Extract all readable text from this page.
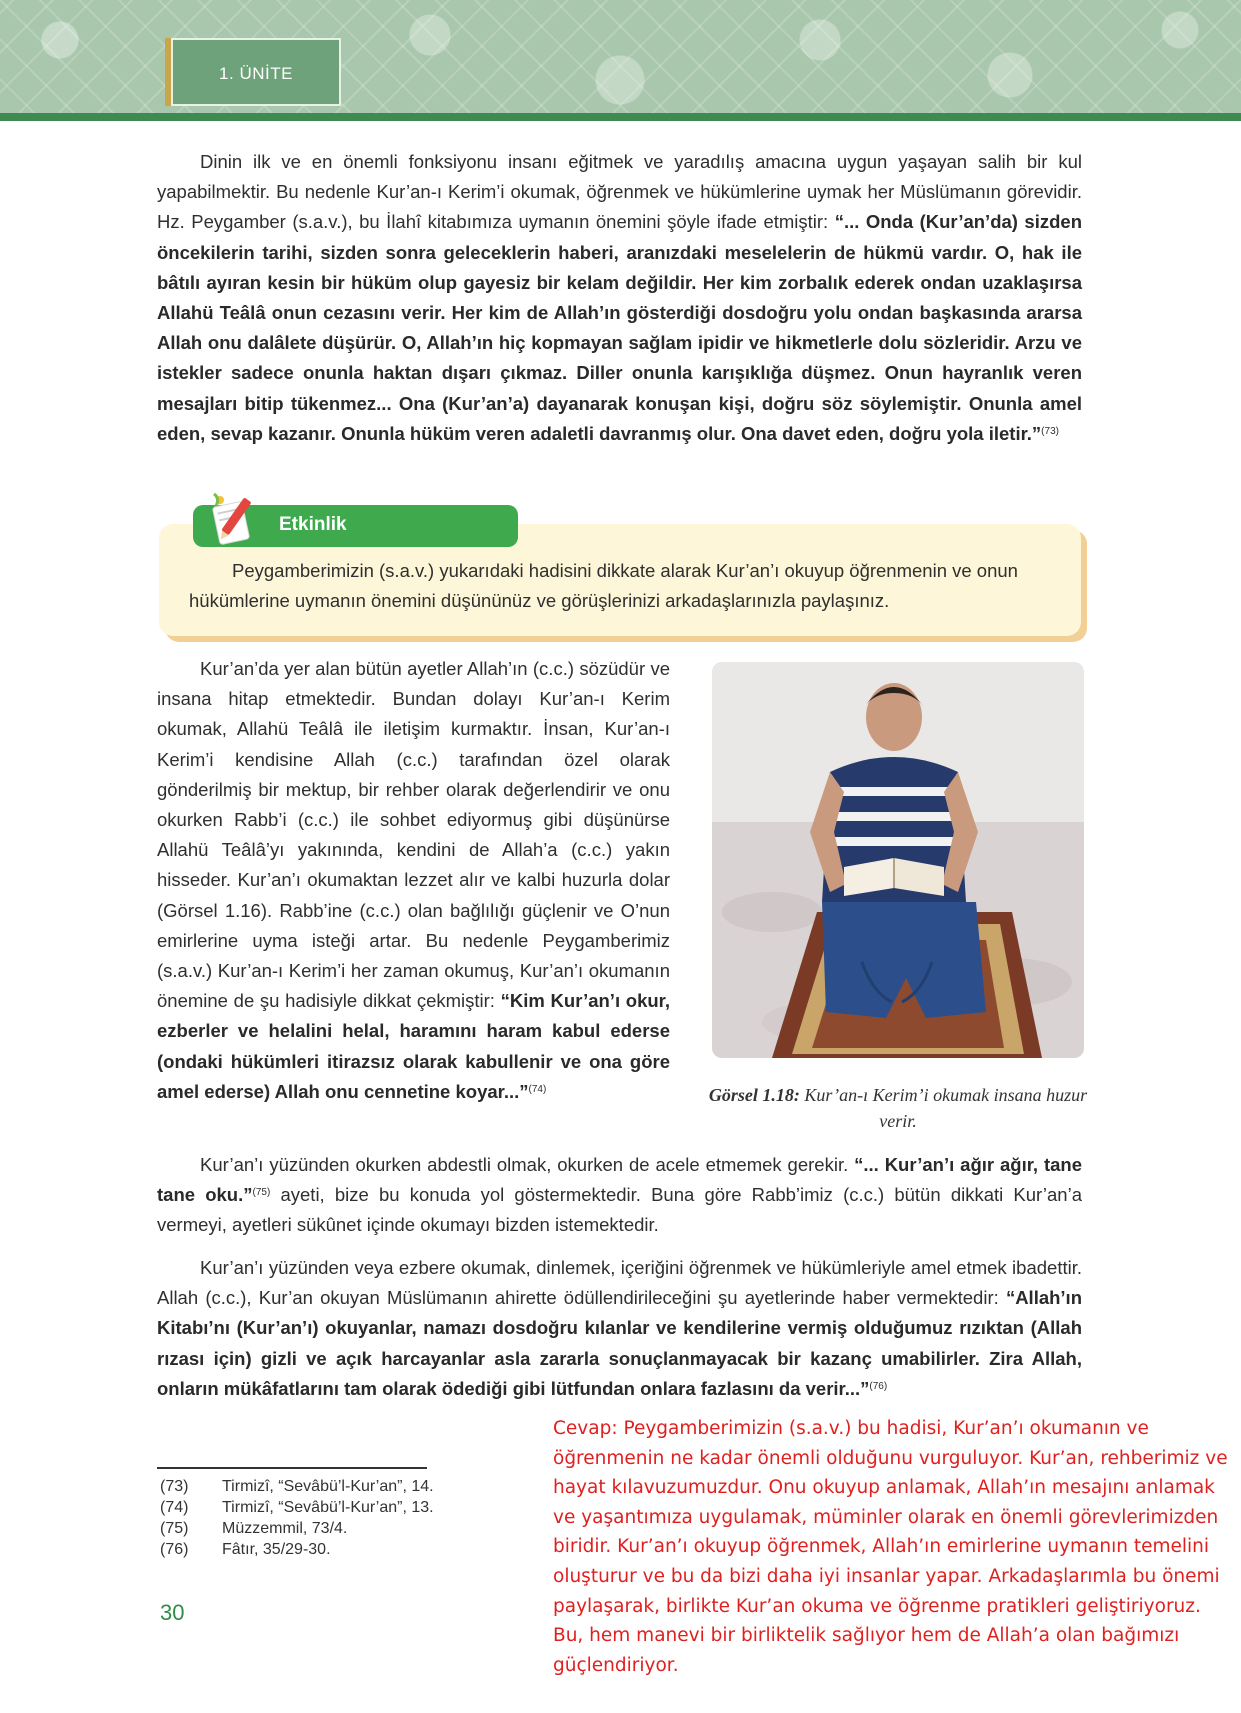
1. ÜNİTE

Dinin ilk ve en önemli fonksiyonu insanı eğitmek ve yaradılış amacına uygun yaşayan salih bir kul yapabilmektir. Bu nedenle Kur’an-ı Kerim’i okumak, öğrenmek ve hükümlerine uymak her Müslümanın görevidir. Hz. Peygamber (s.a.v.), bu İlahî kitabımıza uymanın önemini şöyle ifade etmiştir: “... Onda (Kur’an’da) sizden öncekilerin tarihi, sizden sonra geleceklerin haberi, aranızdaki meselelerin de hükmü vardır. O, hak ile bâtılı ayıran kesin bir hüküm olup gayesiz bir kelam değildir. Her kim zorbalık ederek ondan uzaklaşırsa Allahü Teâlâ onun cezasını verir. Her kim de Allah’ın gösterdiği dosdoğru yolu ondan başkasında ararsa Allah onu dalâlete düşürür. O, Allah’ın hiç kopmayan sağlam ipidir ve hikmetlerle dolu sözleridir. Arzu ve istekler sadece onunla haktan dışarı çıkmaz. Diller onunla karışıklığa düşmez. Onun hayranlık veren mesajları bitip tükenmez... Ona (Kur’an’a) dayanarak konuşan kişi, doğru söz söylemiştir. Onunla amel eden, sevap kazanır. Onunla hüküm veren adaletli davranmış olur. Ona davet eden, doğru yola iletir.”$^{(73)}$

Etkinlik

Peygamberimizin (s.a.v.) yukarıdaki hadisini dikkate alarak Kur’an’ı okuyup öğrenmenin ve onun hükümlerine uymanın önemini düşününüz ve görüşlerinizi arkadaşlarınızla paylaşınız.

Kur’an’da yer alan bütün ayetler Allah’ın (c.c.) sözüdür ve insana hitap etmektedir. Bundan dolayı Kur’an-ı Kerim okumak, Allahü Teâlâ ile iletişim kurmaktır. İnsan, Kur’an-ı Kerim’i kendisine Allah (c.c.) tarafından özel olarak gönderilmiş bir mektup, bir rehber olarak değerlendirir ve onu okurken Rabb’i (c.c.) ile sohbet ediyormuş gibi düşünürse Allahü Teâlâ’yı yakınında, kendini de Allah’a (c.c.) yakın hisseder. Kur’an’ı okumaktan lezzet alır ve kalbi huzurla dolar (Görsel 1.16). Rabb’ine (c.c.) olan bağlılığı güçlenir ve O’nun emirlerine uyma isteği artar. Bu nedenle Peygamberimiz (s.a.v.) Kur’an-ı Kerim’i her zaman okumuş, Kur’an’ı okumanın önemine de şu hadisiyle dikkat çekmiştir: “Kim Kur’an’ı okur, ezberler ve helalini helal, haramını haram kabul ederse (ondaki hükümleri itirazsız olarak kabullenir ve ona göre amel ederse) Allah onu cennetine koyar...”$^{(74)}$	Görsel 1.18: Kur’an-ı Kerim’i okumak insana huzur verir.

Kur’an’ı yüzünden okurken abdestli olmak, okurken de acele etmemek gerekir. “... Kur’an’ı ağır ağır, tane tane oku.”$^{(75)}$ ayeti, bize bu konuda yol göstermektedir. Buna göre Rabb’imiz (c.c.) bütün dikkati Kur’an’a vermeyi, ayetleri sükûnet içinde okumayı bizden istemektedir.

Kur’an’ı yüzünden veya ezbere okumak, dinlemek, içeriğini öğrenmek ve hükümleriyle amel etmek ibadettir. Allah (c.c.), Kur’an okuyan Müslümanın ahirette ödüllendirileceğini şu ayetlerinde haber vermektedir: “Allah’ın Kitabı’nı (Kur’an’ı) okuyanlar, namazı dosdoğru kılanlar ve kendilerine vermiş olduğumuz rızıktan (Allah rızası için) gizli ve açık harcayanlar asla zararla sonuçlanmayacak bir kazanç umabilirler. Zira Allah, onların mükâfatlarını tam olarak ödediği gibi lütfundan onlara fazlasını da verir...”$^{(76)}$

(73)	Tirmizî, “Sevâbü’l-Kur’an”, 14.
(74)	Tirmizî, “Sevâbü’l-Kur’an”, 13.
(75)	Müzzemmil, 73/4.
(76)	Fâtır, 35/29-30.
30

Cevap: Peygamberimizin (s.a.v.) bu hadisi, Kur’an’ı okumanın ve öğrenmenin ne kadar önemli olduğunu vurguluyor. Kur’an, rehberimiz ve hayat kılavuzumuzdur. Onu okuyup anlamak, Allah’ın mesajını anlamak ve yaşantımıza uygulamak, müminler olarak en önemli görevlerimizden biridir. Kur’an’ı okuyup öğrenmek, Allah’ın emirlerine uymanın temelini oluşturur ve bu da bizi daha iyi insanlar yapar. Arkadaşlarımla bu önemi paylaşarak, birlikte Kur’an okuma ve öğrenme pratikleri geliştiriyoruz. Bu, hem manevi bir birliktelik sağlıyor hem de Allah’a olan bağımızı güçlendiriyor.
